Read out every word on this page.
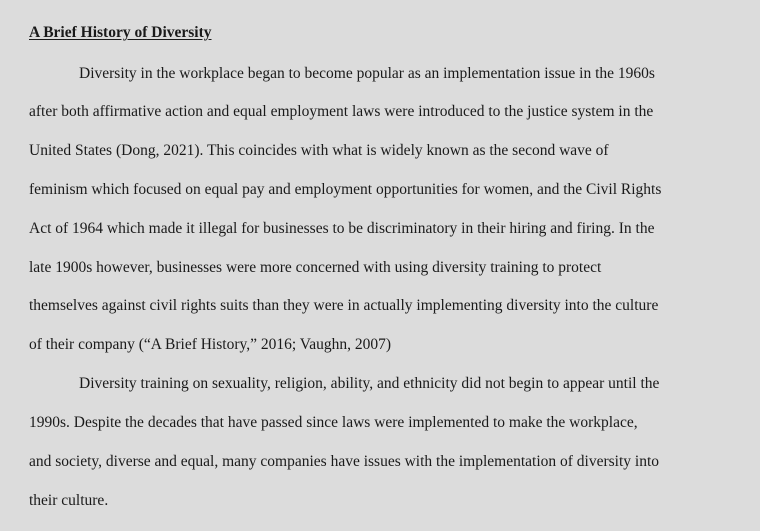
A Brief History of Diversity
Diversity in the workplace began to become popular as an implementation issue in the 1960s
after both affirmative action and equal employment laws were introduced to the justice system in the
United States (Dong, 2021). This coincides with what is widely known as the second wave of
feminism which focused on equal pay and employment opportunities for women, and the Civil Rights
Act of 1964 which made it illegal for businesses to be discriminatory in their hiring and firing. In the
late 1900s however, businesses were more concerned with using diversity training to protect
themselves against civil rights suits than they were in actually implementing diversity into the culture
of their company (“A Brief History,” 2016; Vaughn, 2007)
Diversity training on sexuality, religion, ability, and ethnicity did not begin to appear until the
1990s. Despite the decades that have passed since laws were implemented to make the workplace,
and society, diverse and equal, many companies have issues with the implementation of diversity into
their culture.
